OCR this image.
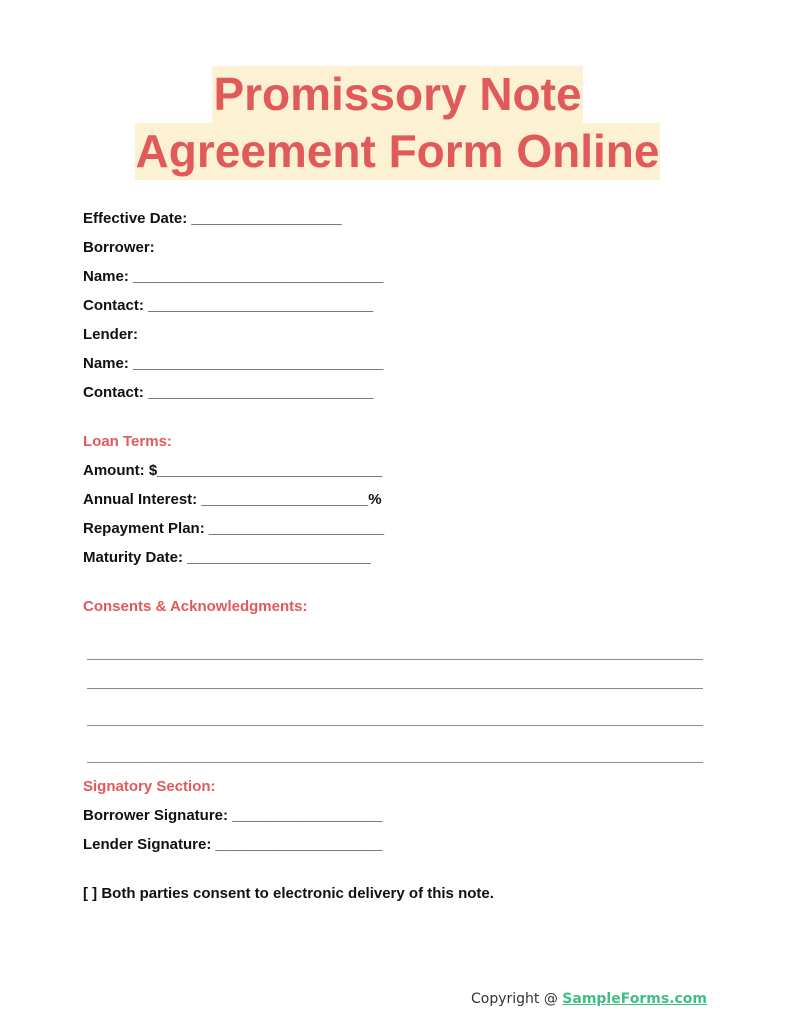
Promissory Note
Agreement Form Online
Effective Date: __________________
Borrower:
Name: ______________________________
Contact: ___________________________
Lender:
Name: ______________________________
Contact: ___________________________
Loan Terms:
Amount: $___________________________
Annual Interest: ____________________%
Repayment Plan: _____________________
Maturity Date: ______________________
Consents & Acknowledgments:
Signatory Section:
Borrower Signature: __________________
Lender Signature: ____________________
[ ] Both parties consent to electronic delivery of this note.
Copyright @ SampleForms.com
